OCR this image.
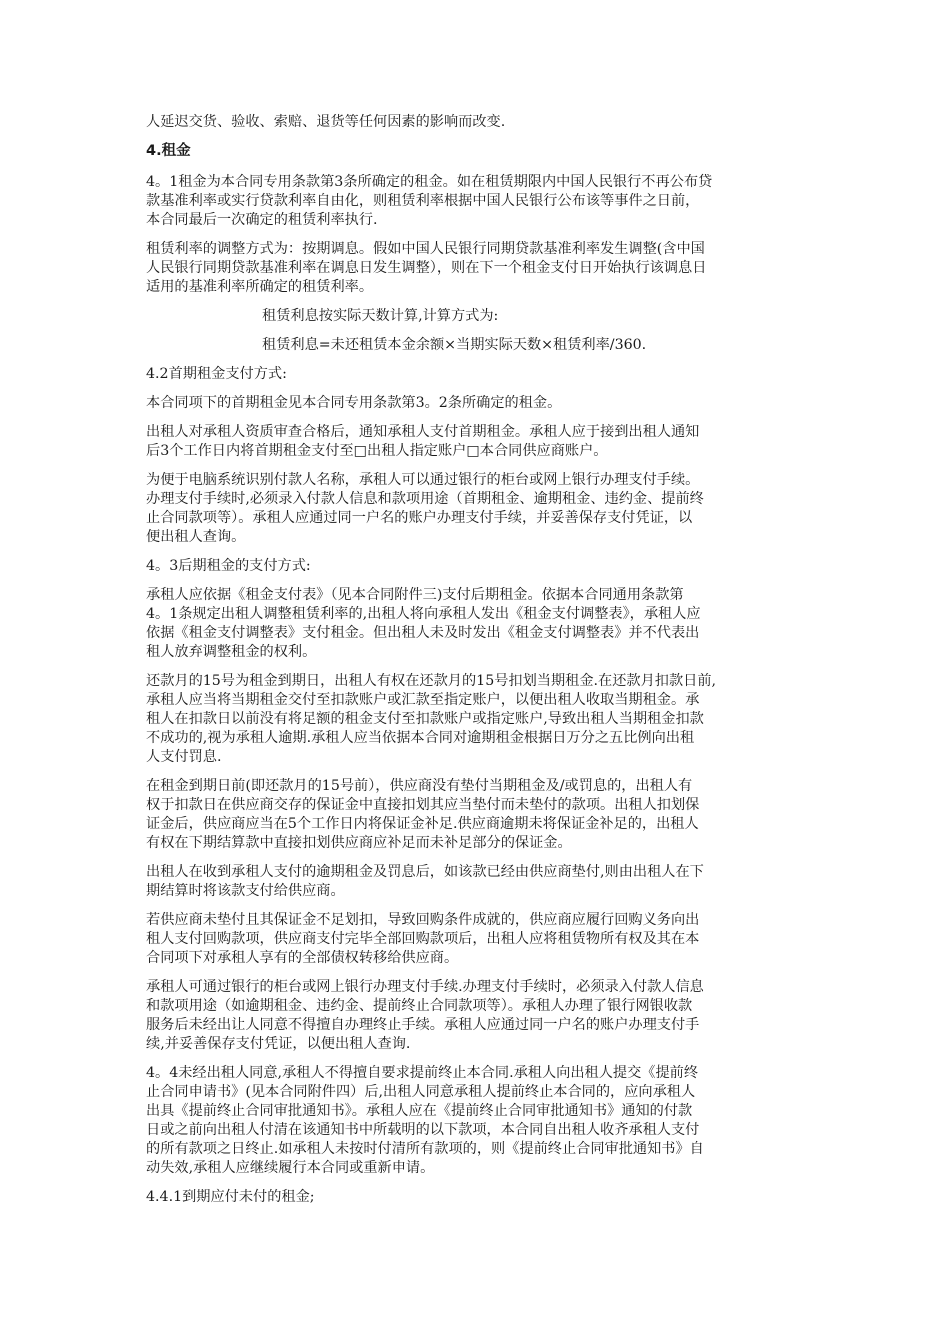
人延迟交货、验收、索赔、退货等任何因素的影响而改变.

4.租金

4。1租金为本合同专用条款第3条所确定的租金。如在租赁期限内中国人民银行不再公布贷
款基准利率或实行贷款利率自由化，则租赁利率根据中国人民银行公布该等事件之日前，
本合同最后一次确定的租赁利率执行.

租赁利率的调整方式为：按期调息。假如中国人民银行同期贷款基准利率发生调整(含中国
人民银行同期贷款基准利率在调息日发生调整），则在下一个租金支付日开始执行该调息日
适用的基准利率所确定的租赁利率。

租赁利息按实际天数计算,计算方式为:

租赁利息=未还租赁本金余额×当期实际天数×租赁利率/360.

4.2首期租金支付方式:

本合同项下的首期租金见本合同专用条款第3。2条所确定的租金。

出租人对承租人资质审查合格后，通知承租人支付首期租金。承租人应于接到出租人通知
后3个工作日内将首期租金支付至□出租人指定账户□本合同供应商账户。

为便于电脑系统识别付款人名称，承租人可以通过银行的柜台或网上银行办理支付手续。
办理支付手续时,必须录入付款人信息和款项用途（首期租金、逾期租金、违约金、提前终
止合同款项等）。承租人应通过同一户名的账户办理支付手续，并妥善保存支付凭证，以
便出租人查询。

4。3后期租金的支付方式:

承租人应依据《租金支付表》（见本合同附件三)支付后期租金。依据本合同通用条款第
4。1条规定出租人调整租赁利率的,出租人将向承租人发出《租金支付调整表》，承租人应
依据《租金支付调整表》支付租金。但出租人未及时发出《租金支付调整表》并不代表出
租人放弃调整租金的权利。

还款月的15号为租金到期日，出租人有权在还款月的15号扣划当期租金.在还款月扣款日前,
承租人应当将当期租金交付至扣款账户或汇款至指定账户，以便出租人收取当期租金。承
租人在扣款日以前没有将足额的租金支付至扣款账户或指定账户,导致出租人当期租金扣款
不成功的,视为承租人逾期.承租人应当依据本合同对逾期租金根据日万分之五比例向出租
人支付罚息.

在租金到期日前(即还款月的15号前），供应商没有垫付当期租金及/或罚息的，出租人有
权于扣款日在供应商交存的保证金中直接扣划其应当垫付而未垫付的款项。出租人扣划保
证金后，供应商应当在5个工作日内将保证金补足.供应商逾期未将保证金补足的，出租人
有权在下期结算款中直接扣划供应商应补足而未补足部分的保证金。

出租人在收到承租人支付的逾期租金及罚息后，如该款已经由供应商垫付,则由出租人在下
期结算时将该款支付给供应商。

若供应商未垫付且其保证金不足划扣，导致回购条件成就的，供应商应履行回购义务向出
租人支付回购款项，供应商支付完毕全部回购款项后，出租人应将租赁物所有权及其在本
合同项下对承租人享有的全部债权转移给供应商。

承租人可通过银行的柜台或网上银行办理支付手续.办理支付手续时，必须录入付款人信息
和款项用途（如逾期租金、违约金、提前终止合同款项等）。承租人办理了银行网银收款
服务后未经出让人同意不得擅自办理终止手续。承租人应通过同一户名的账户办理支付手
续,并妥善保存支付凭证，以便出租人查询.

4。4未经出租人同意,承租人不得擅自要求提前终止本合同.承租人向出租人提交《提前终
止合同申请书》(见本合同附件四）后,出租人同意承租人提前终止本合同的，应向承租人
出具《提前终止合同审批通知书》。承租人应在《提前终止合同审批通知书》通知的付款
日或之前向出租人付清在该通知书中所载明的以下款项，本合同自出租人收齐承租人支付
的所有款项之日终止.如承租人未按时付清所有款项的，则《提前终止合同审批通知书》自
动失效,承租人应继续履行本合同或重新申请。

4.4.1到期应付未付的租金;
